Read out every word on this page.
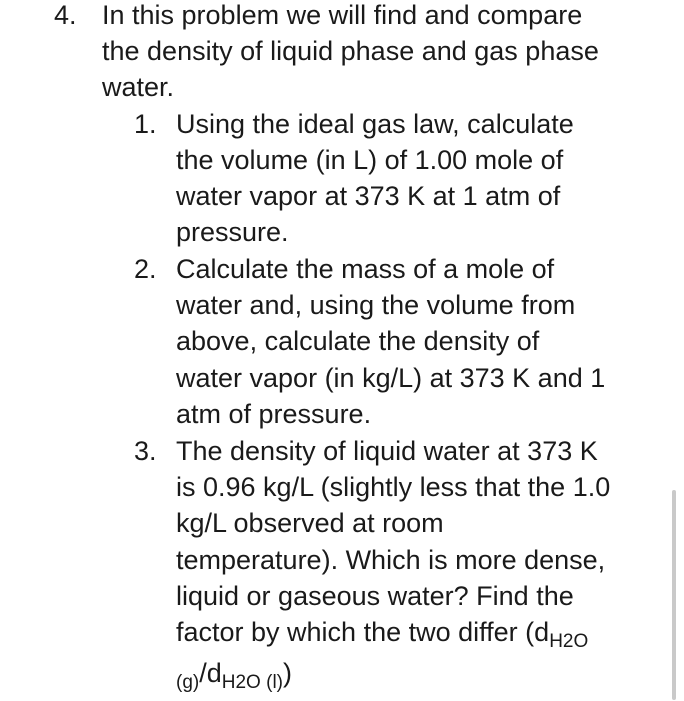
4. In this problem we will find and compare
the density of liquid phase and gas phase
water.
1. Using the ideal gas law, calculate
the volume (in L) of 1.00 mole of
water vapor at 373 K at 1 atm of
pressure.
2. Calculate the mass of a mole of
water and, using the volume from
above, calculate the density of
water vapor (in kg/L) at 373 K and 1
atm of pressure.
3. The density of liquid water at 373 K
is 0.96 kg/L (slightly less that the 1.0
kg/L observed at room
temperature). Which is more dense,
liquid or gaseous water? Find the
factor by which the two differ ($d_{H2O}$
$_{(g)}/d_{H2O (l)}$)
